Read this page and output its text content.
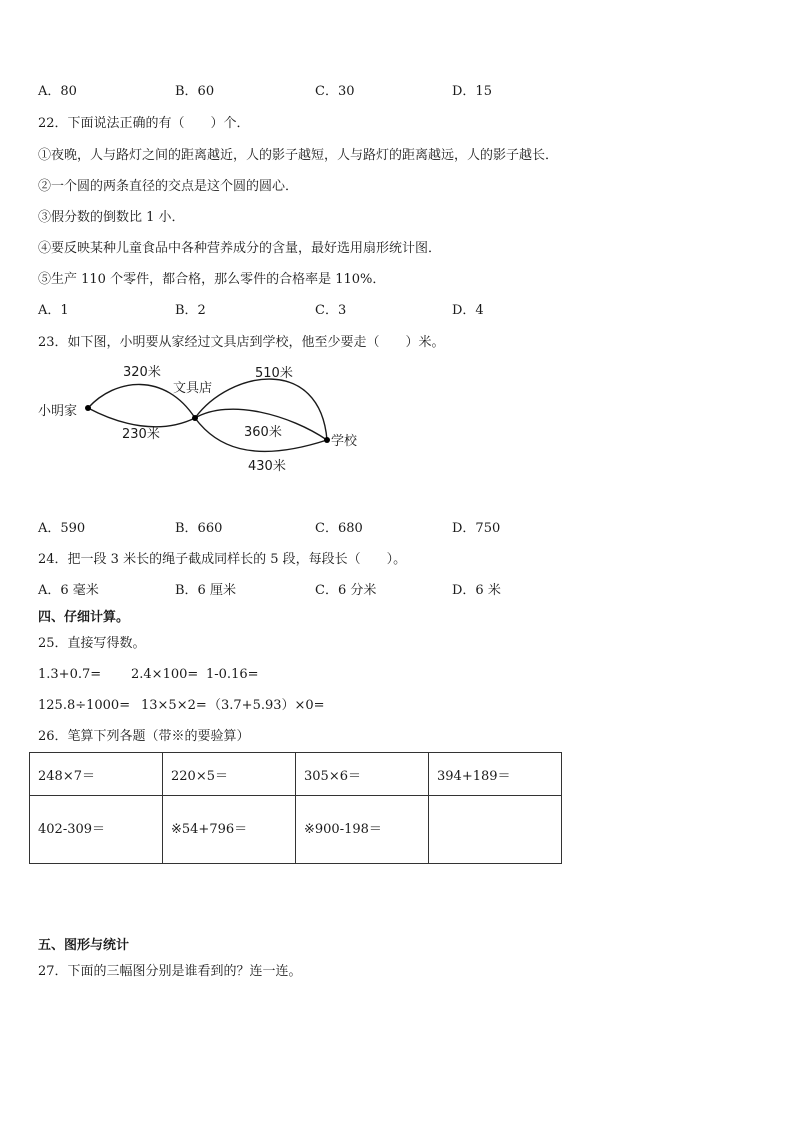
A．80	B．60	C．30	D．15
22．下面说法正确的有（　　）个．
①夜晚，人与路灯之间的距离越近，人的影子越短，人与路灯的距离越远，人的影子越长．
②一个圆的两条直径的交点是这个圆的圆心．
③假分数的倒数比 1 小．
④要反映某种儿童食品中各种营养成分的含量，最好选用扇形统计图．
⑤生产 110 个零件，都合格，那么零件的合格率是 110%．
A．1	B．2	C．3	D．4
23．如下图，小明要从家经过文具店到学校，他至少要走（　　）米。
小明家
文具店
学校
320米
230米
510米
360米
430米
A．590	B．660	C．680	D．750
24．把一段 3 米长的绳子截成同样长的 5 段，每段长（　　）。
A．6 毫米	B．6 厘米	C．6 分米	D．6 米
四、仔细计算。
25．直接写得数。
1.3+0.7= 2.4×100= 1-0.16=
125.8÷1000= 13×5×2= （3.7+5.93）×0=
26．笔算下列各题（带※的要验算）
248×7＝	220×5＝	305×6＝	394+189＝
402-309＝	※54+796＝	※900-198＝	
五、图形与统计
27．下面的三幅图分别是谁看到的？连一连。
